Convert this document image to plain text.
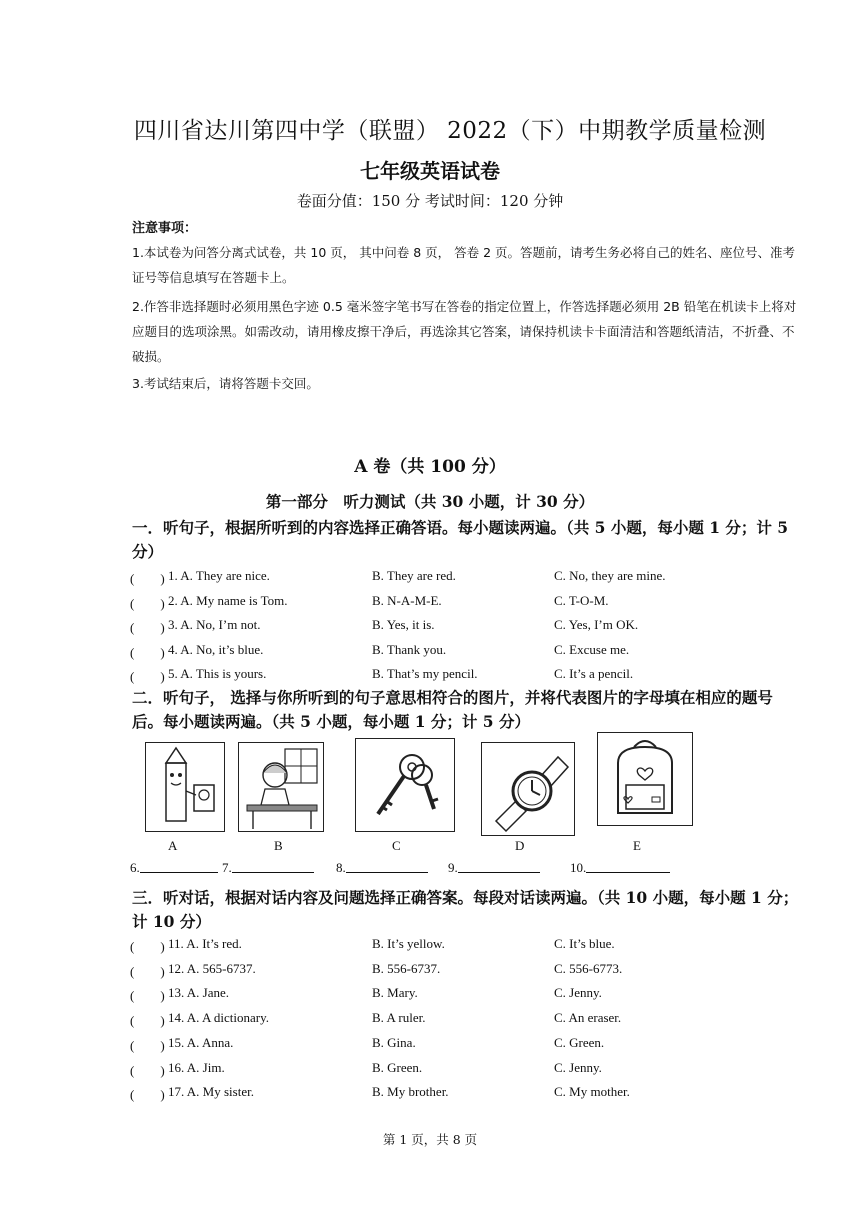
四川省达川第四中学（联盟） 2022（下）中期教学质量检测
七年级英语试卷
卷面分值：150 分 考试时间：120 分钟
注意事项：
1.本试卷为问答分离式试卷，共 10 页， 其中问卷 8 页， 答卷 2 页。答题前，请考生务必将自己的姓名、座位号、准考证号等信息填写在答题卡上。
2.作答非选择题时必须用黑色字迹 0.5 毫米签字笔书写在答卷的指定位置上，作答选择题必须用 2B 铅笔在机读卡上将对应题目的选项涂黑。如需改动，请用橡皮擦干净后，再选涂其它答案，请保持机读卡卡面清洁和答题纸清洁，不折叠、不破损。
3.考试结束后，请将答题卡交回。
A 卷（共 100 分）
第一部分　听力测试（共 30 小题，计 30 分）
一．听句子，根据所听到的内容选择正确答语。每小题读两遍。（共 5 小题，每小题 1 分；计 5 分）
(　　) 1. A. They are nice.	B. They are red.	C. No, they are mine.
(　　) 2. A. My name is Tom.	B. N-A-M-E.	C. T-O-M.
(　　) 3. A. No, I’m not.	B. Yes, it is.	C. Yes, I’m OK.
(　　) 4. A. No, it’s blue.	B. Thank you.	C. Excuse me.
(　　) 5. A. This is yours.	B. That’s my pencil.	C. It’s a pencil.
二．听句子， 选择与你所听到的句子意思相符合的图片，并将代表图片的字母填在相应的题号后。每小题读两遍。（共 5 小题，每小题 1 分；计 5 分）
A	B	C	D	E
6.	7.	8.	9.	10.
三．听对话，根据对话内容及问题选择正确答案。每段对话读两遍。（共 10 小题，每小题 1 分；计 10 分）
(　　) 11. A. It’s red.	B. It’s yellow.	C. It’s blue.
(　　) 12. A. 565-6737.	B. 556-6737.	C. 556-6773.
(　　) 13. A. Jane.	B. Mary.	C. Jenny.
(　　) 14. A. A dictionary.	B. A ruler.	C. An eraser.
(　　) 15. A. Anna.	B. Gina.	C. Green.
(　　) 16. A. Jim.	B. Green.	C. Jenny.
(　　) 17. A. My sister.	B. My brother.	C. My mother.
第 1 页，共 8 页
